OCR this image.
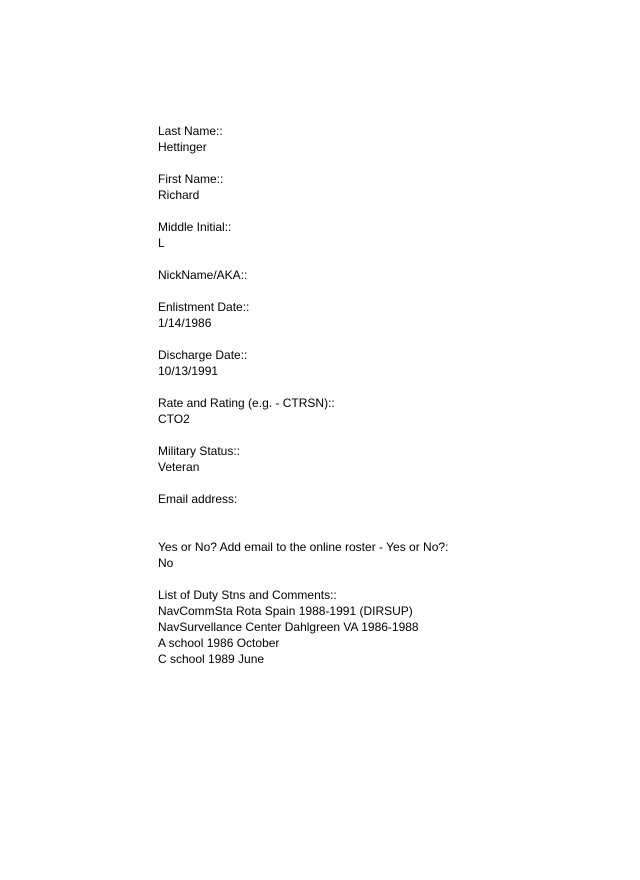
Last Name::
Hettinger
First Name::
Richard
Middle Initial::
L
NickName/AKA::
Enlistment Date::
1/14/1986
Discharge Date::
10/13/1991
Rate and Rating (e.g. - CTRSN)::
CTO2
Military Status::
Veteran
Email address:
Yes or No? Add email to the online roster - Yes or No?:
No
List of Duty Stns and Comments::
NavCommSta Rota Spain 1988-1991 (DIRSUP)
NavSurvellance Center Dahlgreen VA 1986-1988
A school 1986 October
C school 1989 June
